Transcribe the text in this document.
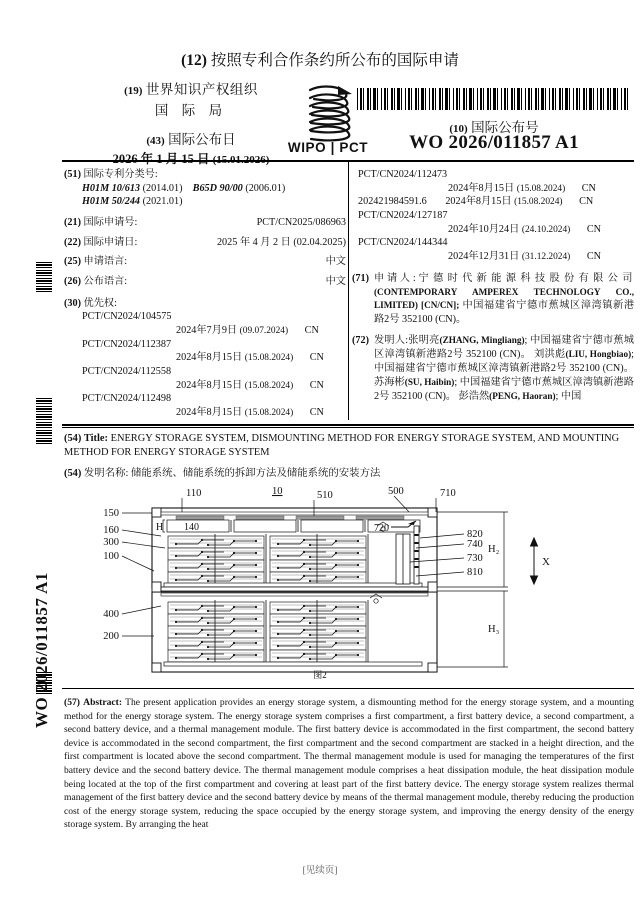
WO 2026/011857 A1
(12) 按照专利合作条约所公布的国际申请
(19) 世界知识产权组织
国 际 局
(43) 国际公布日
WIPO | PCT
(10) 国际公布号
WO 2026/011857 A1
(51) 国际专利分类号:
H01M 10/613 (2014.01) B65D 90/00 (2006.01)
H01M 50/244 (2021.01)
(21) 国际申请号:	PCT/CN2025/086963
(22) 国际申请日:	2025 年 4 月 2 日 (02.04.2025)
(25) 申请语言:	中文
(26) 公布语言:	中文
(30) 优先权:
PCT/CN2024/104575
2024年7月9日 (09.07.2024) CN
PCT/CN2024/112387
2024年8月15日 (15.08.2024) CN
PCT/CN2024/112558
2024年8月15日 (15.08.2024) CN
PCT/CN2024/112498
2024年8月15日 (15.08.2024) CN
PCT/CN2024/112473
2024年8月15日 (15.08.2024) CN
202421984591.6 2024年8月15日 (15.08.2024) CN
PCT/CN2024/127187
2024年10月24日 (24.10.2024) CN
PCT/CN2024/144344
2024年12月31日 (31.12.2024) CN
(71) 申请人:宁德时代新能源科技股份有限公司 (CONTEMPORARY AMPEREX TECHNOLOGY CO., LIMITED) [CN/CN]; 中国福建省宁德市蕉城区漳湾镇新港路2号 352100 (CN)。
(72) 发明人:张明亮(ZHANG, Mingliang); 中国福建省宁德市蕉城区漳湾镇新港路2号 352100 (CN)。 刘洪彪(LIU, Hongbiao); 中国福建省宁德市蕉城区漳湾镇新港路2号 352100 (CN)。 苏海彬(SU, Haibin); 中国福建省宁德市蕉城区漳湾镇新港路2号 352100 (CN)。 彭浩然(PENG, Haoran); 中国
(54) Title: ENERGY STORAGE SYSTEM, DISMOUNTING METHOD FOR ENERGY STORAGE SYSTEM, AND MOUNTING METHOD FOR ENERGY STORAGE SYSTEM
(54) 发明名称: 储能系统、储能系统的拆卸方法及储能系统的安装方法
150
160
300
100
400
200
110	10	510	500	710
H 140	720
820
740
730
810
H₂
H₃
X
图2
(57) Abstract: The present application provides an energy storage system, a dismounting method for the energy storage system, and a mounting method for the energy storage system. The energy storage system comprises a first compartment, a first battery device, a second compartment, a second battery device, and a thermal management module. The first battery device is accommodated in the first compartment, the second battery device is accommodated in the second compartment, the first compartment and the second compartment are stacked in a height direction, and the first compartment is located above the second compartment. The thermal management module is used for managing the temperatures of the first battery device and the second battery device. The thermal management module comprises a heat dissipation module, the heat dissipation module being located at the top of the first compartment and covering at least part of the first battery device. The energy storage system realizes thermal management of the first battery device and the second battery device by means of the thermal management module, thereby reducing the production cost of the energy storage system, reducing the space occupied by the energy storage system, and improving the energy density of the energy storage system. By arranging the heat
[见续页]
